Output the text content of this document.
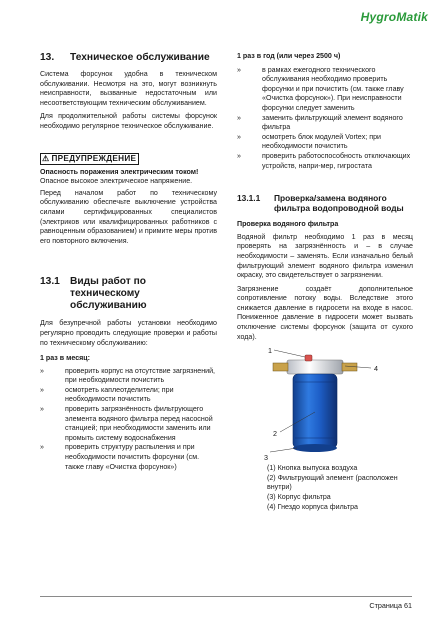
HygroMatik
13.	Техническое обслуживание

Система форсунок удобна в техническом обслуживании. Несмотря на это, могут возникнуть неисправности, вызванные недостаточным или несоответствующим техническим обслуживанием.

Для продолжительной работы системы форсунок необходимо регулярное техническое обслуживание.

⚠ ПРЕДУПРЕЖДЕНИЕ

Опасность поражения электрическим током!

Опасное высокое электрическое напряжение.

Перед началом работ по техническому обслуживанию обеспечьте выключение устройства силами сертифицированных специалистов (электриков или квалифицированных работников с равноценным образованием) и примите меры против его повторного включения.

13.1 Виды работ по техническому обслуживанию

Для безупречной работы установки необходимо регулярно проводить следующие проверки и работы по техническому обслуживанию:

1 раз в месяц:

»	проверить корпус на отсутствие загрязнений, при необходимости почистить
»	осмотреть каплеотделители; при необходимости почистить
»	проверить загрязнённость фильтрующего элемента водяного фильтра перед насосной станцией; при необходимости заменить или промыть систему водоснабжения
»	проверить структуру распыления и при необходимости почистить форсунки (см. также главу «Очистка форсунок»)

1 раз в год (или через 2500 ч)

»	в рамках ежегодного технического обслуживания необходимо проверить форсунки и при почистить (см. также главу «Очистка форсунок»). При неисправности форсунки следует заменить
»	заменить фильтрующий элемент водяного фильтра
»	осмотреть блок модулей Vortex; при необходимости почистить
»	проверить работоспособность отключающих устройств, напри-мер, гигростата
13.1.1	Проверка/замена водяного фильтра водопроводной воды

Проверка водяного фильтра

Водяной фильтр необходимо 1 раз в месяц проверять на загрязнённость и – в случае необходимости – заменять. Если изначально белый фильтрующий элемент водяного фильтра изменил окраску, это свидетельствует о загрязнении.

Загрязнение создаёт дополнительное сопротивление потоку воды. Вследствие этого снижается давление в гидросети на входе в насос. Пониженное давление в гидросети может вызвать отключение системы форсунок (защита от сухого хода).

1
4
2
3

(1) Кнопка выпуска воздуха

(2) Фильтрующий элемент (расположен внутри)

(3) Корпус фильтра

(4) Гнездо корпуса фильтра

Страница 61
